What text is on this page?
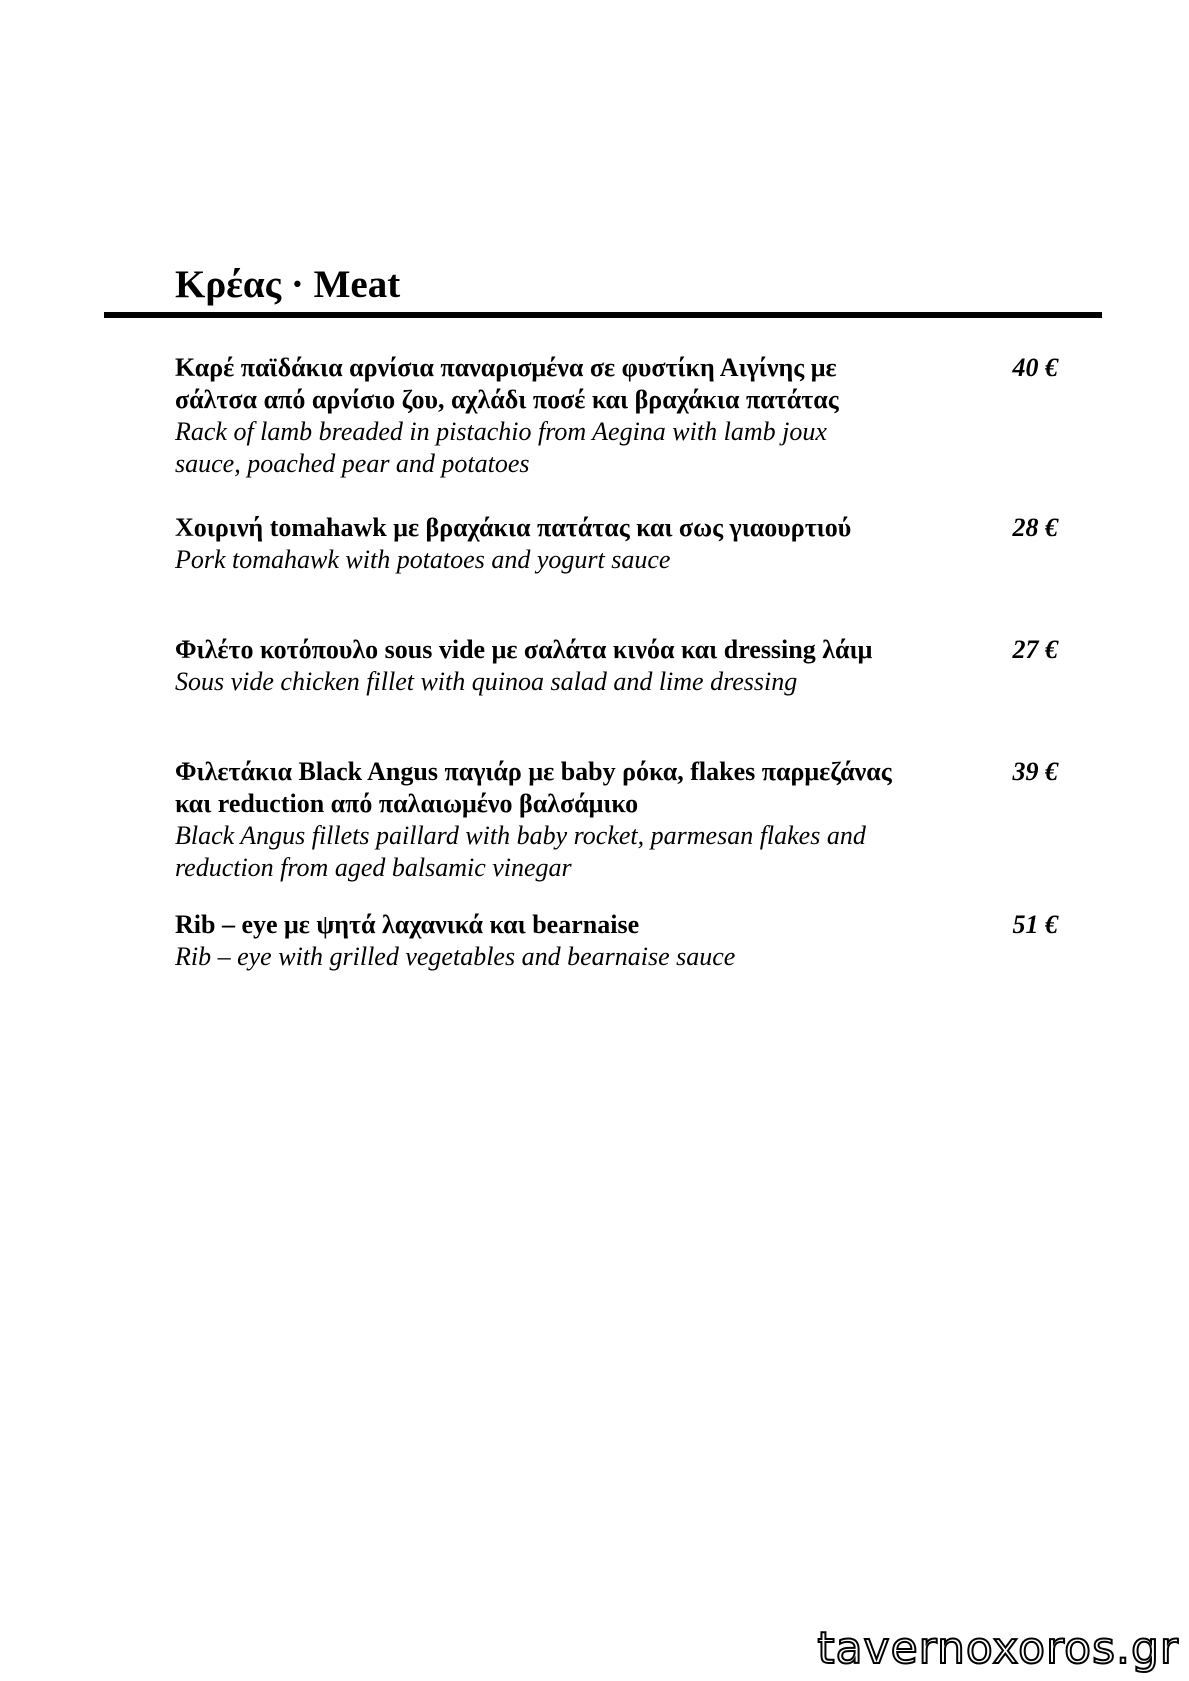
Κρέας · Meat

Καρέ παϊδάκια αρνίσια παναρισμένα σε φυστίκη Αιγίνης με σάλτσα από αρνίσιο ζου, αχλάδι ποσέ και βραχάκια πατάτας

Rack of lamb breaded in pistachio from Aegina with lamb joux sauce, poached pear and potatoes

40 €

Χοιρινή tomahawk με βραχάκια πατάτας και σως γιαουρτιού

Pork tomahawk with potatoes and yogurt sauce

28 €

Φιλέτο κοτόπουλο sous vide με σαλάτα κινόα και dressing λάιμ

Sous vide chicken fillet with quinoa salad and lime dressing

27 €

Φιλετάκια Black Angus παγιάρ με baby ρόκα, flakes παρμεζάνας και reduction από παλαιωμένο βαλσάμικο

Black Angus fillets paillard with baby rocket, parmesan flakes and reduction from aged balsamic vinegar

39 €

Rib – eye με ψητά λαχανικά και bearnaise

Rib – eye with grilled vegetables and bearnaise sauce

51 €
tavernoxoros.gr
